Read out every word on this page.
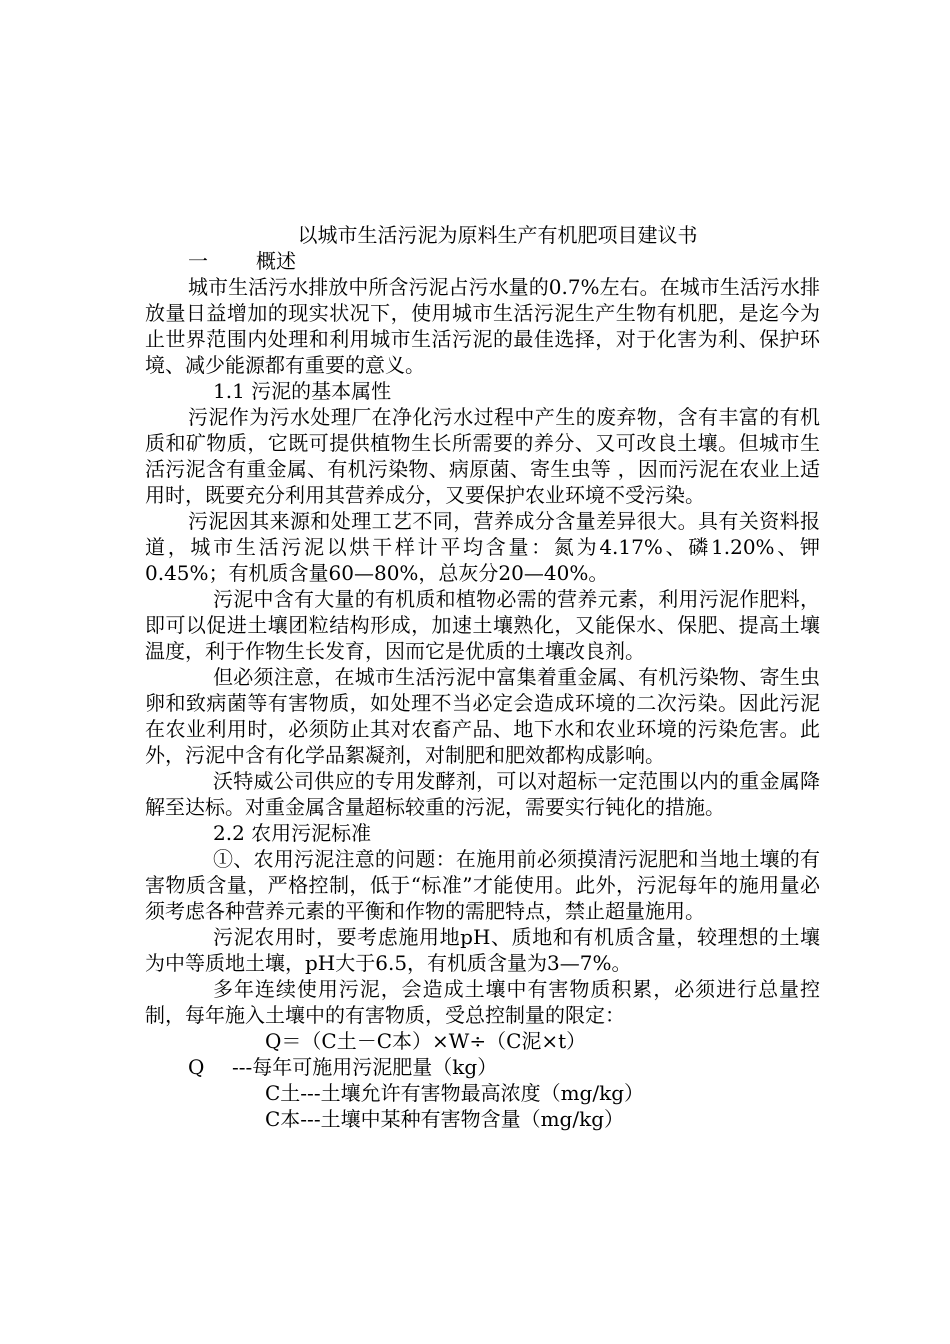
以城市生活污泥为原料生产有机肥项目建议书

一 概述

城市生活污水排放中所含污泥占污水量的0.7%左右。在城市生活污水排放量日益增加的现实状况下，使用城市生活污泥生产生物有机肥，是迄今为止世界范围内处理和利用城市生活污泥的最佳选择，对于化害为利、保护环境、减少能源都有重要的意义。

1.1 污泥的基本属性

污泥作为污水处理厂在净化污水过程中产生的废弃物，含有丰富的有机质和矿物质，它既可提供植物生长所需要的养分、又可改良土壤。但城市生活污泥含有重金属、有机污染物、病原菌、寄生虫等 ，因而污泥在农业上适用时，既要充分利用其营养成分，又要保护农业环境不受污染。

污泥因其来源和处理工艺不同，营养成分含量差异很大。具有关资料报道，城市生活污泥以烘干样计平均含量：氮为4.17%、磷1.20%、钾0.45%；有机质含量60—80%，总灰分20—40%。

污泥中含有大量的有机质和植物必需的营养元素，利用污泥作肥料，即可以促进土壤团粒结构形成，加速土壤熟化，又能保水、保肥、提高土壤温度，利于作物生长发育，因而它是优质的土壤改良剂。

但必须注意，在城市生活污泥中富集着重金属、有机污染物、寄生虫卵和致病菌等有害物质，如处理不当必定会造成环境的二次污染。因此污泥在农业利用时，必须防止其对农畜产品、地下水和农业环境的污染危害。此外，污泥中含有化学品絮凝剂，对制肥和肥效都构成影响。

沃特威公司供应的专用发酵剂，可以对超标一定范围以内的重金属降解至达标。对重金属含量超标较重的污泥，需要实行钝化的措施。

2.2 农用污泥标准

①、农用污泥注意的问题：在施用前必须摸清污泥肥和当地土壤的有害物质含量，严格控制，低于“标准”才能使用。此外，污泥每年的施用量必须考虑各种营养元素的平衡和作物的需肥特点，禁止超量施用。

污泥农用时，要考虑施用地pH、质地和有机质含量，较理想的土壤为中等质地土壤，pH大于6.5，有机质含量为3—7%。

多年连续使用污泥，会造成土壤中有害物质积累，必须进行总量控制，每年施入土壤中的有害物质，受总控制量的限定：

Q＝（C土－C本）×W÷（C泥×t）

Q ---每年可施用污泥肥量（kg）

C土---土壤允许有害物最高浓度（mg/kg）

C本---土壤中某种有害物含量（mg/kg）
